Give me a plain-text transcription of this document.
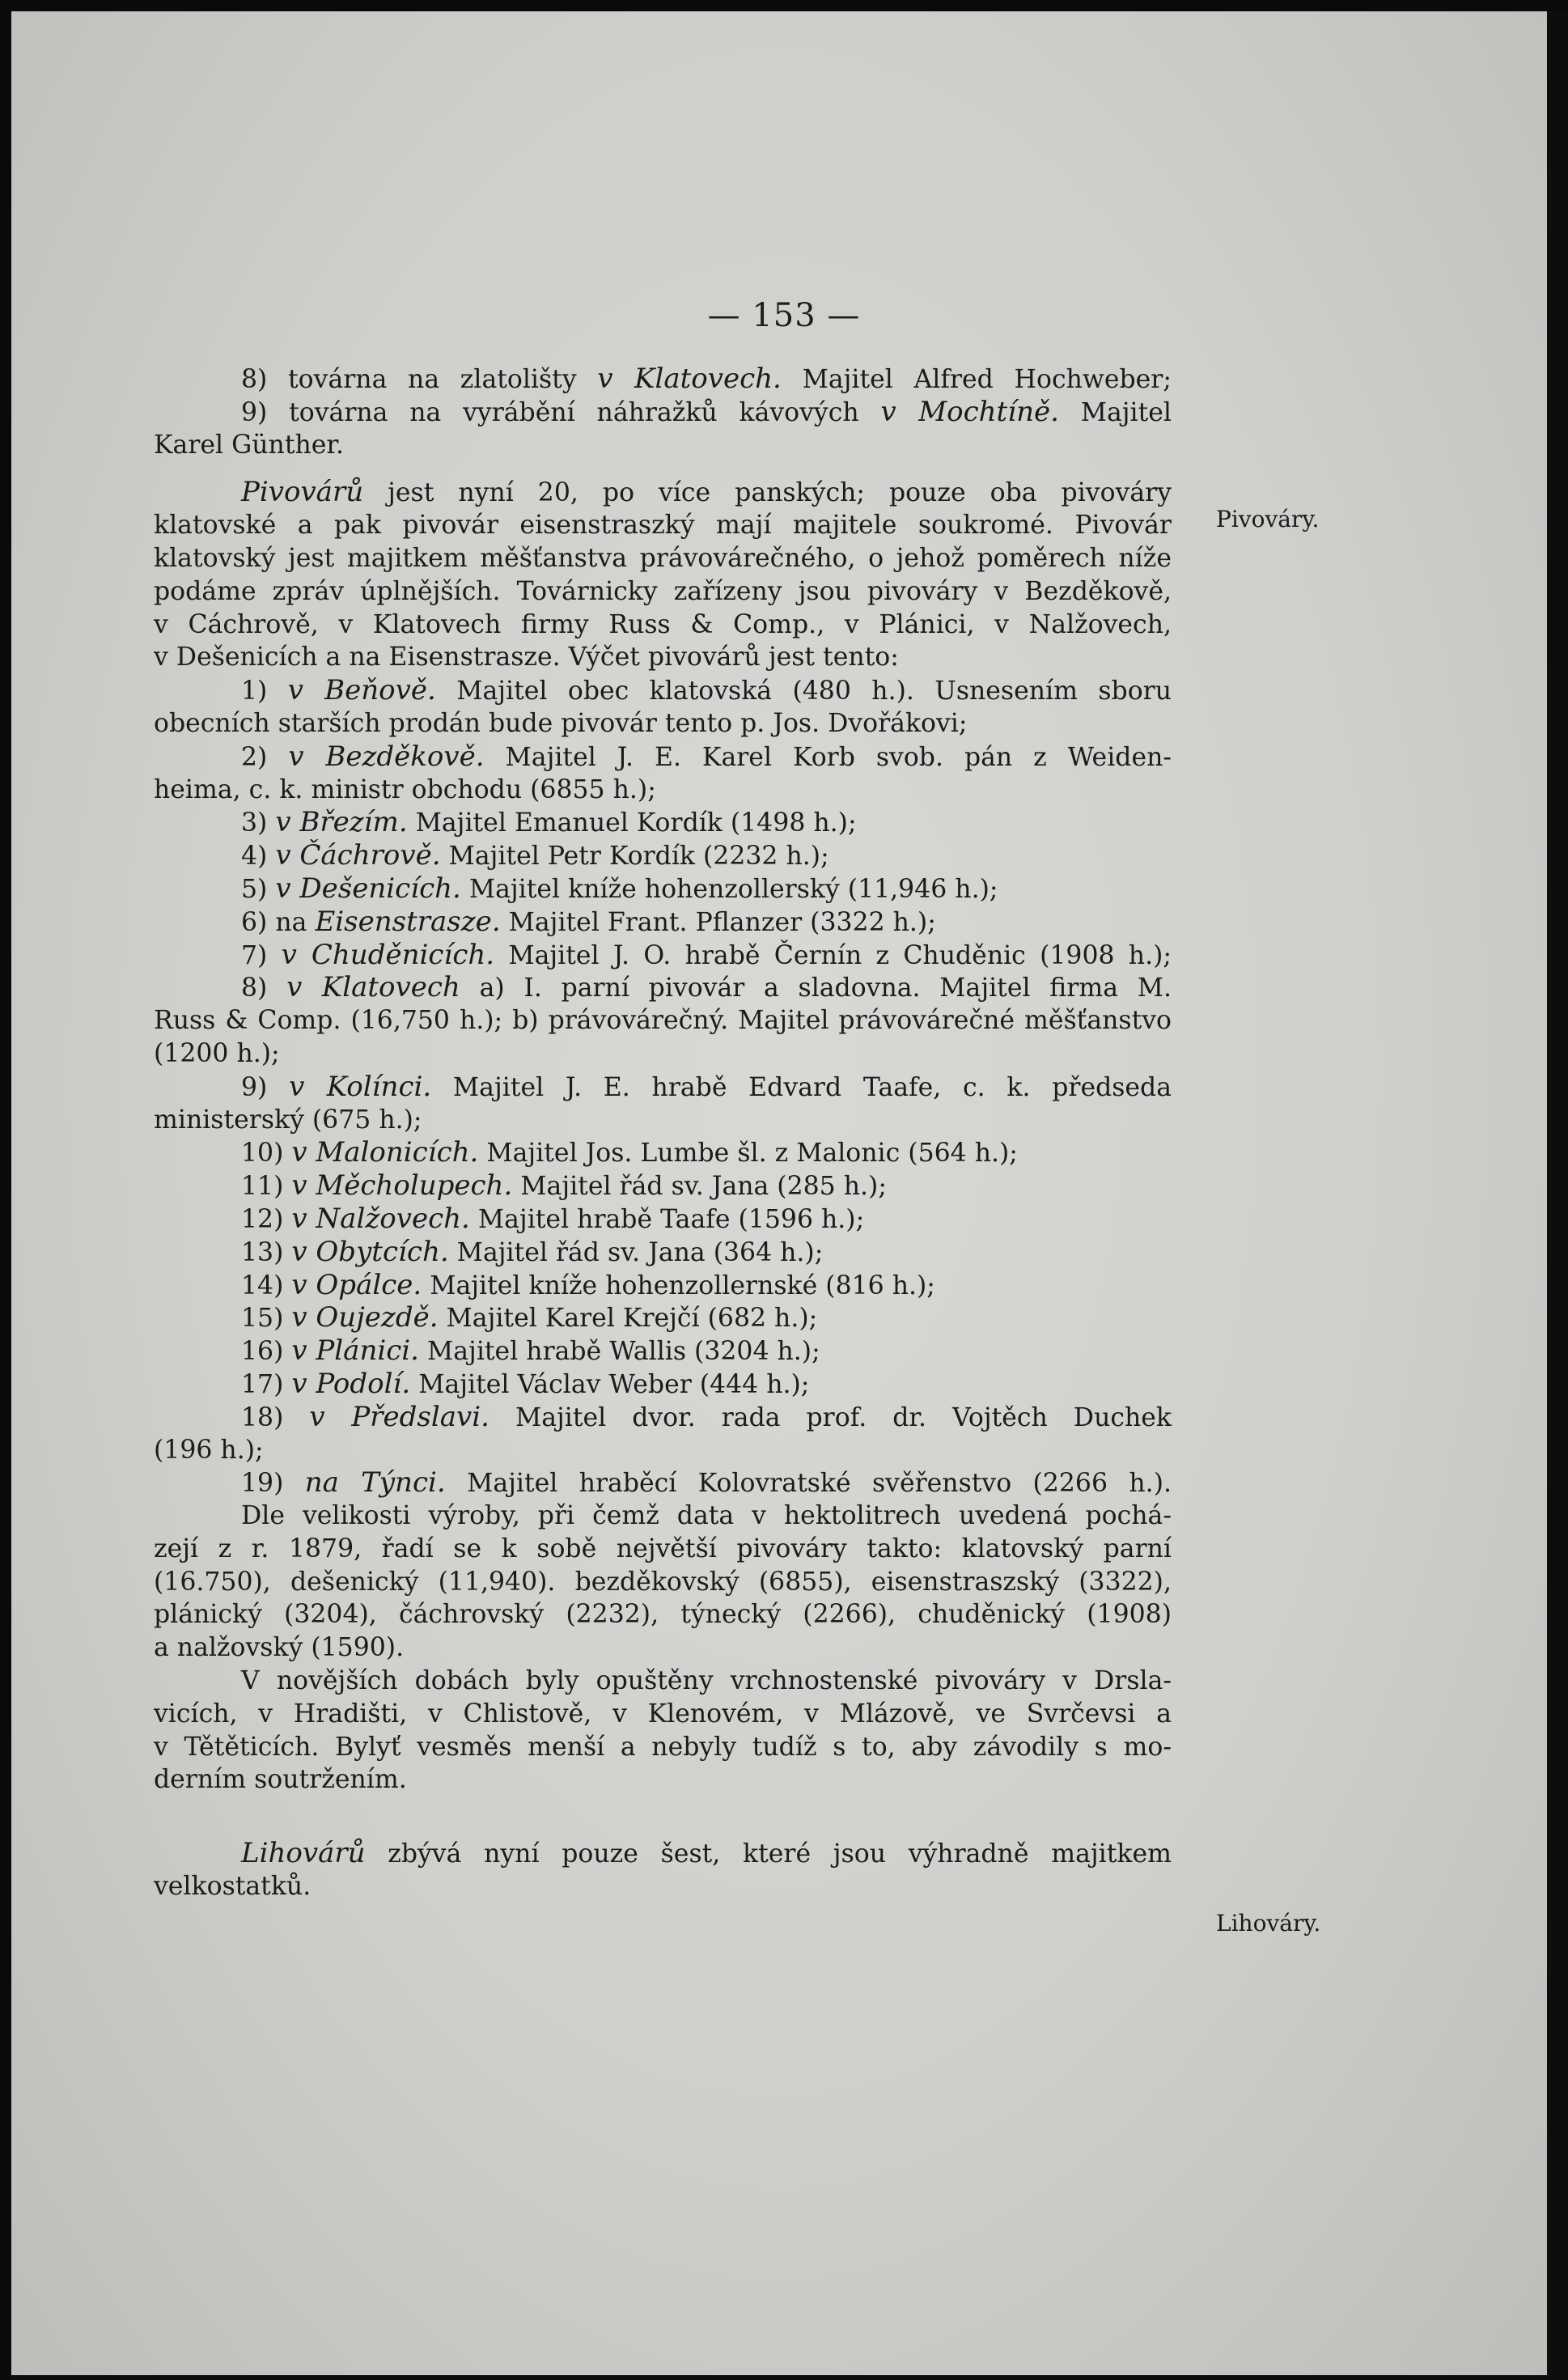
— 153 —
Pivováry.
Lihováry.
8) továrna na zlatolišty v Klatovech. Majitel Alfred Hochweber;
9) továrna na vyrábění náhražků kávových v Mochtíně. Majitel
Karel Günther.
Pivovárů jest nyní 20, po více panských; pouze oba pivováry
klatovské a pak pivovár eisenstraszký mají majitele soukromé. Pivovár
klatovský jest majitkem měšťanstva právovárečného, o jehož poměrech níže
podáme zpráv úplnějších. Továrnicky zařízeny jsou pivováry v Bezděkově,
v Cáchrově, v Klatovech firmy Russ & Comp., v Plánici, v Nalžovech,
v Dešenicích a na Eisenstrasze. Výčet pivovárů jest tento:
1) v Beňově. Majitel obec klatovská (480 h.). Usnesením sboru
obecních starších prodán bude pivovár tento p. Jos. Dvořákovi;
2) v Bezděkově. Majitel J. E. Karel Korb svob. pán z Weiden-
heima, c. k. ministr obchodu (6855 h.);
3) v Březím. Majitel Emanuel Kordík (1498 h.);
4) v Čáchrově. Majitel Petr Kordík (2232 h.);
5) v Dešenicích. Majitel kníže hohenzollerský (11,946 h.);
6) na Eisenstrasze. Majitel Frant. Pflanzer (3322 h.);
7) v Chuděnicích. Majitel J. O. hrabě Černín z Chuděnic (1908 h.);
8) v Klatovech a) I. parní pivovár a sladovna. Majitel firma M.
Russ & Comp. (16,750 h.); b) právovárečný. Majitel právovárečné měšťanstvo
(1200 h.);
9) v Kolínci. Majitel J. E. hrabě Edvard Taafe, c. k. předseda
ministerský (675 h.);
10) v Malonicích. Majitel Jos. Lumbe šl. z Malonic (564 h.);
11) v Měcholupech. Majitel řád sv. Jana (285 h.);
12) v Nalžovech. Majitel hrabě Taafe (1596 h.);
13) v Obytcích. Majitel řád sv. Jana (364 h.);
14) v Opálce. Majitel kníže hohenzollernské (816 h.);
15) v Oujezdě. Majitel Karel Krejčí (682 h.);
16) v Plánici. Majitel hrabě Wallis (3204 h.);
17) v Podolí. Majitel Václav Weber (444 h.);
18) v Předslavi. Majitel dvor. rada prof. dr. Vojtěch Duchek
(196 h.);
19) na Týnci. Majitel hraběcí Kolovratské svěřenstvo (2266 h.).
Dle velikosti výroby, při čemž data v hektolitrech uvedená pochá-
zejí z r. 1879, řadí se k sobě největší pivováry takto: klatovský parní
(16.750), dešenický (11,940). bezděkovský (6855), eisenstraszský (3322),
plánický (3204), čáchrovský (2232), týnecký (2266), chuděnický (1908)
a nalžovský (1590).
V novějších dobách byly opuštěny vrchnostenské pivováry v Drsla-
vicích, v Hradišti, v Chlistově, v Klenovém, v Mlázově, ve Svrčevsi a
v Tětěticích. Bylyť vesměs menší a nebyly tudíž s to, aby závodily s mo-
derním soutržením.
Lihovárů zbývá nyní pouze šest, které jsou výhradně majitkem
velkostatků.
